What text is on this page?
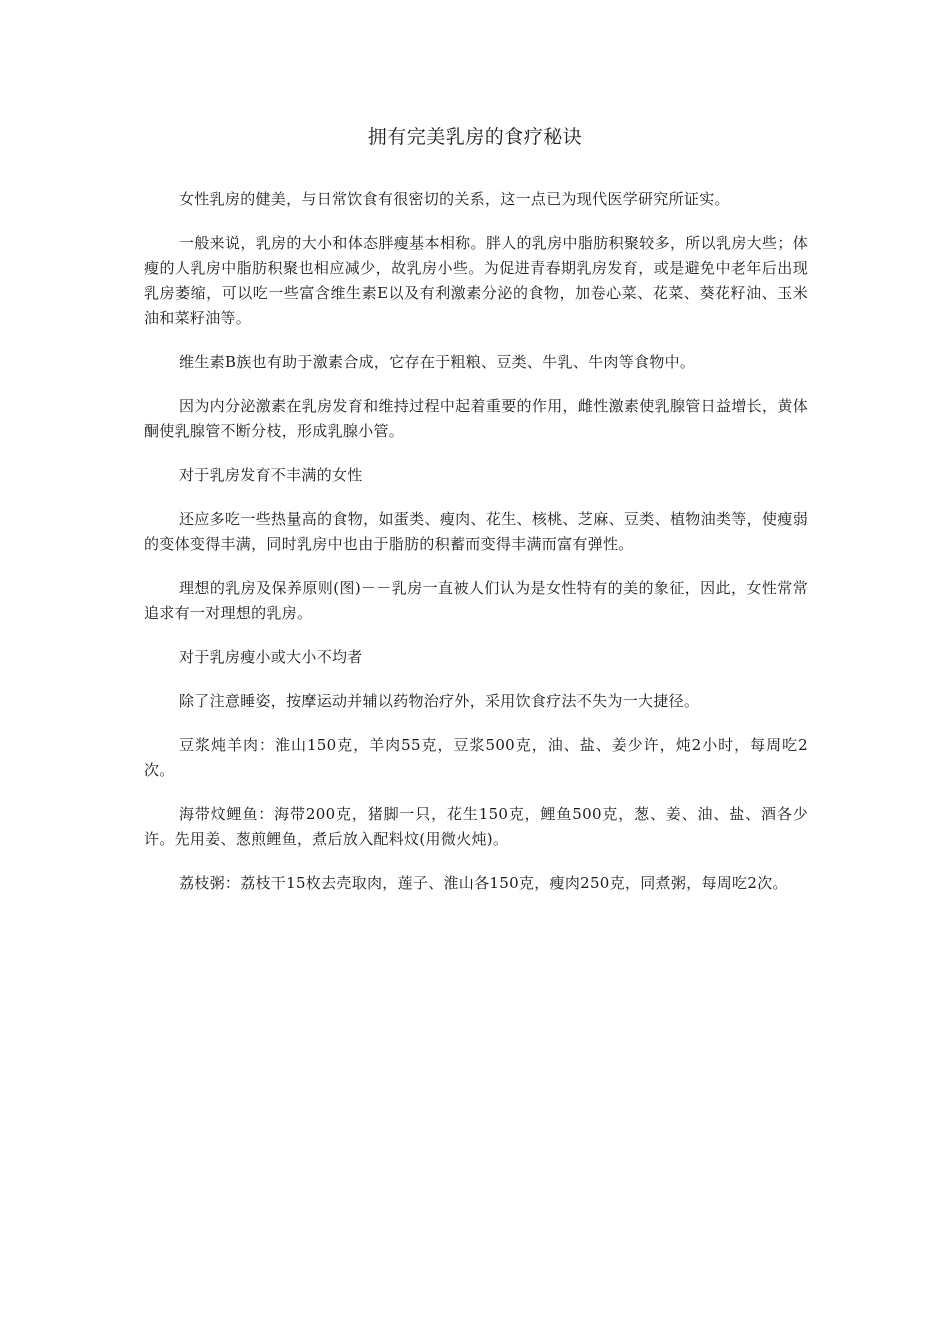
拥有完美乳房的食疗秘诀

女性乳房的健美，与日常饮食有很密切的关系，这一点已为现代医学研究所证实。

一般来说，乳房的大小和体态胖瘦基本相称。胖人的乳房中脂肪积聚较多，所以乳房大些；体瘦的人乳房中脂肪积聚也相应减少，故乳房小些。为促进青春期乳房发育，或是避免中老年后出现乳房萎缩，可以吃一些富含维生素E以及有利激素分泌的食物，加卷心菜、花菜、葵花籽油、玉米油和菜籽油等。

维生素B族也有助于激素合成，它存在于粗粮、豆类、牛乳、牛肉等食物中。

因为内分泌激素在乳房发育和维持过程中起着重要的作用，雌性激素使乳腺管日益增长，黄体酮使乳腺管不断分枝，形成乳腺小管。

对于乳房发育不丰满的女性

还应多吃一些热量高的食物，如蛋类、瘦肉、花生、核桃、芝麻、豆类、植物油类等，使瘦弱的变体变得丰满，同时乳房中也由于脂肪的积蓄而变得丰满而富有弹性。

理想的乳房及保养原则(图)－－乳房一直被人们认为是女性特有的美的象征，因此，女性常常追求有一对理想的乳房。

对于乳房瘦小或大小不均者

除了注意睡姿，按摩运动并辅以药物治疗外，采用饮食疗法不失为一大捷径。

豆浆炖羊肉：淮山150克，羊肉55克，豆浆500克，油、盐、姜少许，炖2小时，每周吃2次。

海带炆鲤鱼：海带200克，猪脚一只，花生150克，鲤鱼500克，葱、姜、油、盐、酒各少许。先用姜、葱煎鲤鱼，煮后放入配料炆(用微火炖)。

荔枝粥：荔枝干15枚去壳取肉，莲子、淮山各150克，瘦肉250克，同煮粥，每周吃2次。
